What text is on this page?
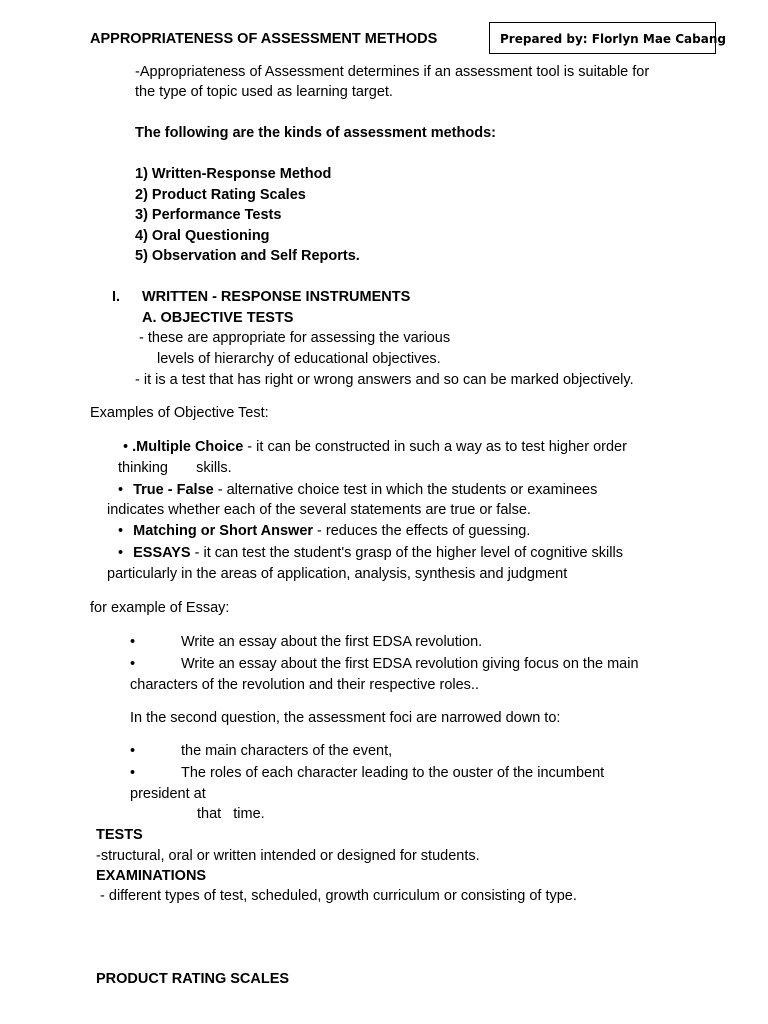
APPROPRIATENESS OF ASSESSMENT METHODS	Prepared by: Florlyn Mae Cabang
-Appropriateness of Assessment determines if an assessment tool is suitable for
the type of topic used as learning target.
The following are the kinds of assessment methods:
1) Written-Response Method
2) Product Rating Scales
3) Performance Tests
4) Oral Questioning
5) Observation and Self Reports.
I. WRITTEN - RESPONSE INSTRUMENTS
A. OBJECTIVE TESTS
- these are appropriate for assessing the various
levels of hierarchy of educational objectives.
- it is a test that has right or wrong answers and so can be marked objectively.
Examples of Objective Test:
• .Multiple Choice - it can be constructed in such a way as to test higher order
thinking       skills.
• True - False - alternative choice test in which the students or examinees
indicates whether each of the several statements are true or false.
• Matching or Short Answer - reduces the effects of guessing.
• ESSAYS - it can test the student's grasp of the higher level of cognitive skills
particularly in the areas of application, analysis, synthesis and judgment
for example of Essay:
•	Write an essay about the first EDSA revolution.
•	Write an essay about the first EDSA revolution giving focus on the main
characters of the revolution and their respective roles..
In the second question, the assessment foci are narrowed down to:
•	the main characters of the event,
•	The roles of each character leading to the ouster of the incumbent
president at
that   time.
TESTS
-structural, oral or written intended or designed for students.
EXAMINATIONS
- different types of test, scheduled, growth curriculum or consisting of type.
PRODUCT RATING SCALES
